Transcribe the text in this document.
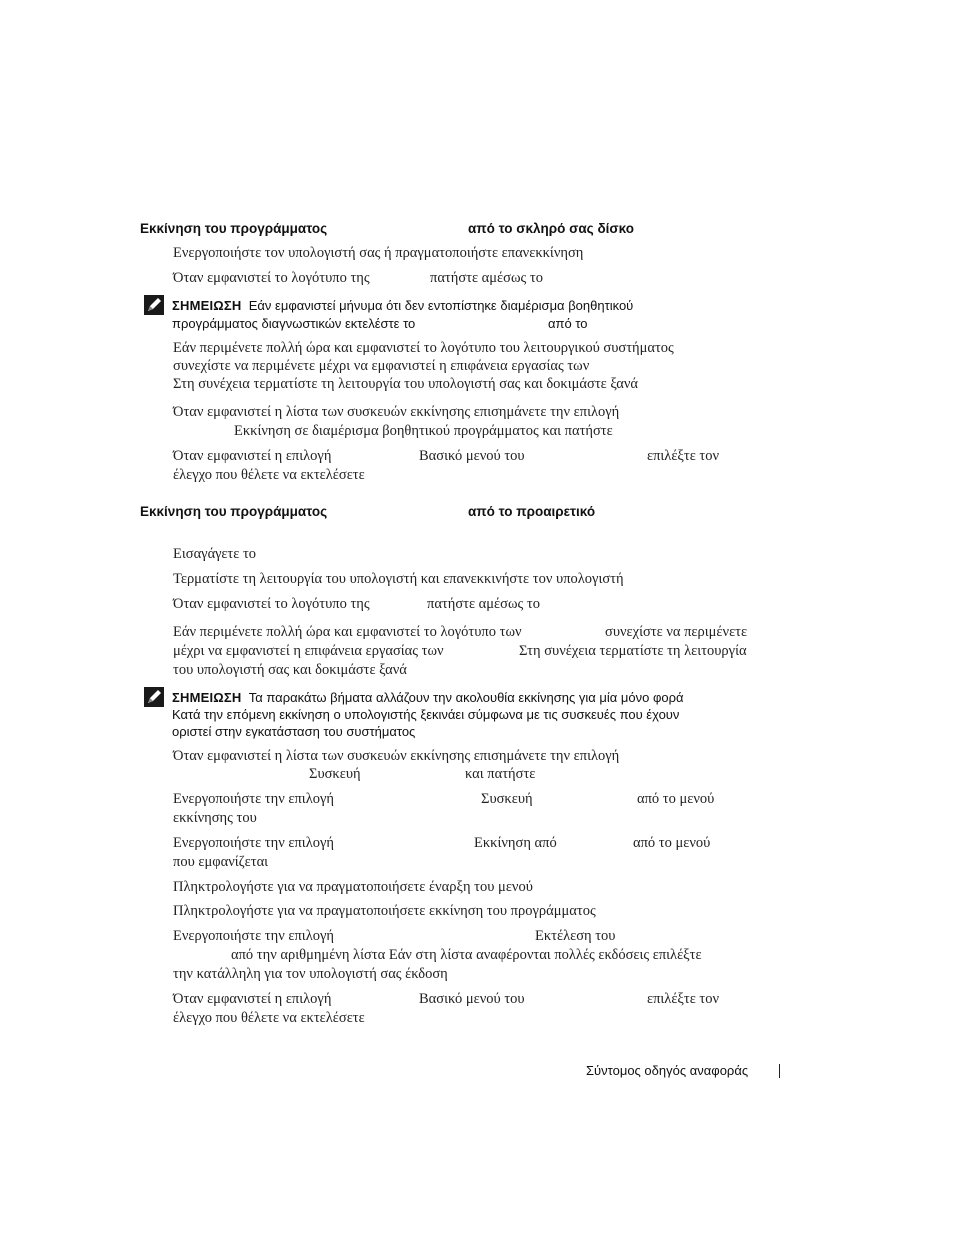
Εκκίνηση του προγράμματος	από το σκληρό σας δίσκο
Ενεργοποιήστε τον υπολογιστή σας ή πραγματοποιήστε επανεκκίνηση
Όταν εμφανιστεί το λογότυπο της	πατήστε αμέσως το
ΣΗΜΕΙΩΣΗ Εάν εμφανιστεί μήνυμα ότι δεν εντοπίστηκε διαμέρισμα βοηθητικού
προγράμματος διαγνωστικών εκτελέστε το	από το
Εάν περιμένετε πολλή ώρα και εμφανιστεί το λογότυπο του λειτουργικού συστήματος
συνεχίστε να περιμένετε μέχρι να εμφανιστεί η επιφάνεια εργασίας των
Στη συνέχεια τερματίστε τη λειτουργία του υπολογιστή σας και δοκιμάστε ξανά
Όταν εμφανιστεί η λίστα των συσκευών εκκίνησης επισημάνετε την επιλογή
Εκκίνηση σε διαμέρισμα βοηθητικού προγράμματος και πατήστε
Όταν εμφανιστεί η επιλογή	Βασικό μενού του	επιλέξτε τον
έλεγχο που θέλετε να εκτελέσετε
Εκκίνηση του προγράμματος	από το προαιρετικό
Εισαγάγετε το
Τερματίστε τη λειτουργία του υπολογιστή και επανεκκινήστε τον υπολογιστή
Όταν εμφανιστεί το λογότυπο της	πατήστε αμέσως το
Εάν περιμένετε πολλή ώρα και εμφανιστεί το λογότυπο των	συνεχίστε να περιμένετε
μέχρι να εμφανιστεί η επιφάνεια εργασίας των	Στη συνέχεια τερματίστε τη λειτουργία
του υπολογιστή σας και δοκιμάστε ξανά
ΣΗΜΕΙΩΣΗ Τα παρακάτω βήματα αλλάζουν την ακολουθία εκκίνησης για μία μόνο φορά
Κατά την επόμενη εκκίνηση ο υπολογιστής ξεκινάει σύμφωνα με τις συσκευές που έχουν
οριστεί στην εγκατάσταση του συστήματος
Όταν εμφανιστεί η λίστα των συσκευών εκκίνησης επισημάνετε την επιλογή
Συσκευή	και πατήστε
Ενεργοποιήστε την επιλογή	Συσκευή	από το μενού
εκκίνησης του
Ενεργοποιήστε την επιλογή	Εκκίνηση από	από το μενού
που εμφανίζεται
Πληκτρολογήστε για να πραγματοποιήσετε έναρξη του μενού
Πληκτρολογήστε για να πραγματοποιήσετε εκκίνηση του προγράμματος
Ενεργοποιήστε την επιλογή	Εκτέλεση του
από την αριθμημένη λίστα Εάν στη λίστα αναφέρονται πολλές εκδόσεις επιλέξτε
την κατάλληλη για τον υπολογιστή σας έκδοση
Όταν εμφανιστεί η επιλογή	Βασικό μενού του	επιλέξτε τον
έλεγχο που θέλετε να εκτελέσετε
Σύντομος οδηγός αναφοράς
